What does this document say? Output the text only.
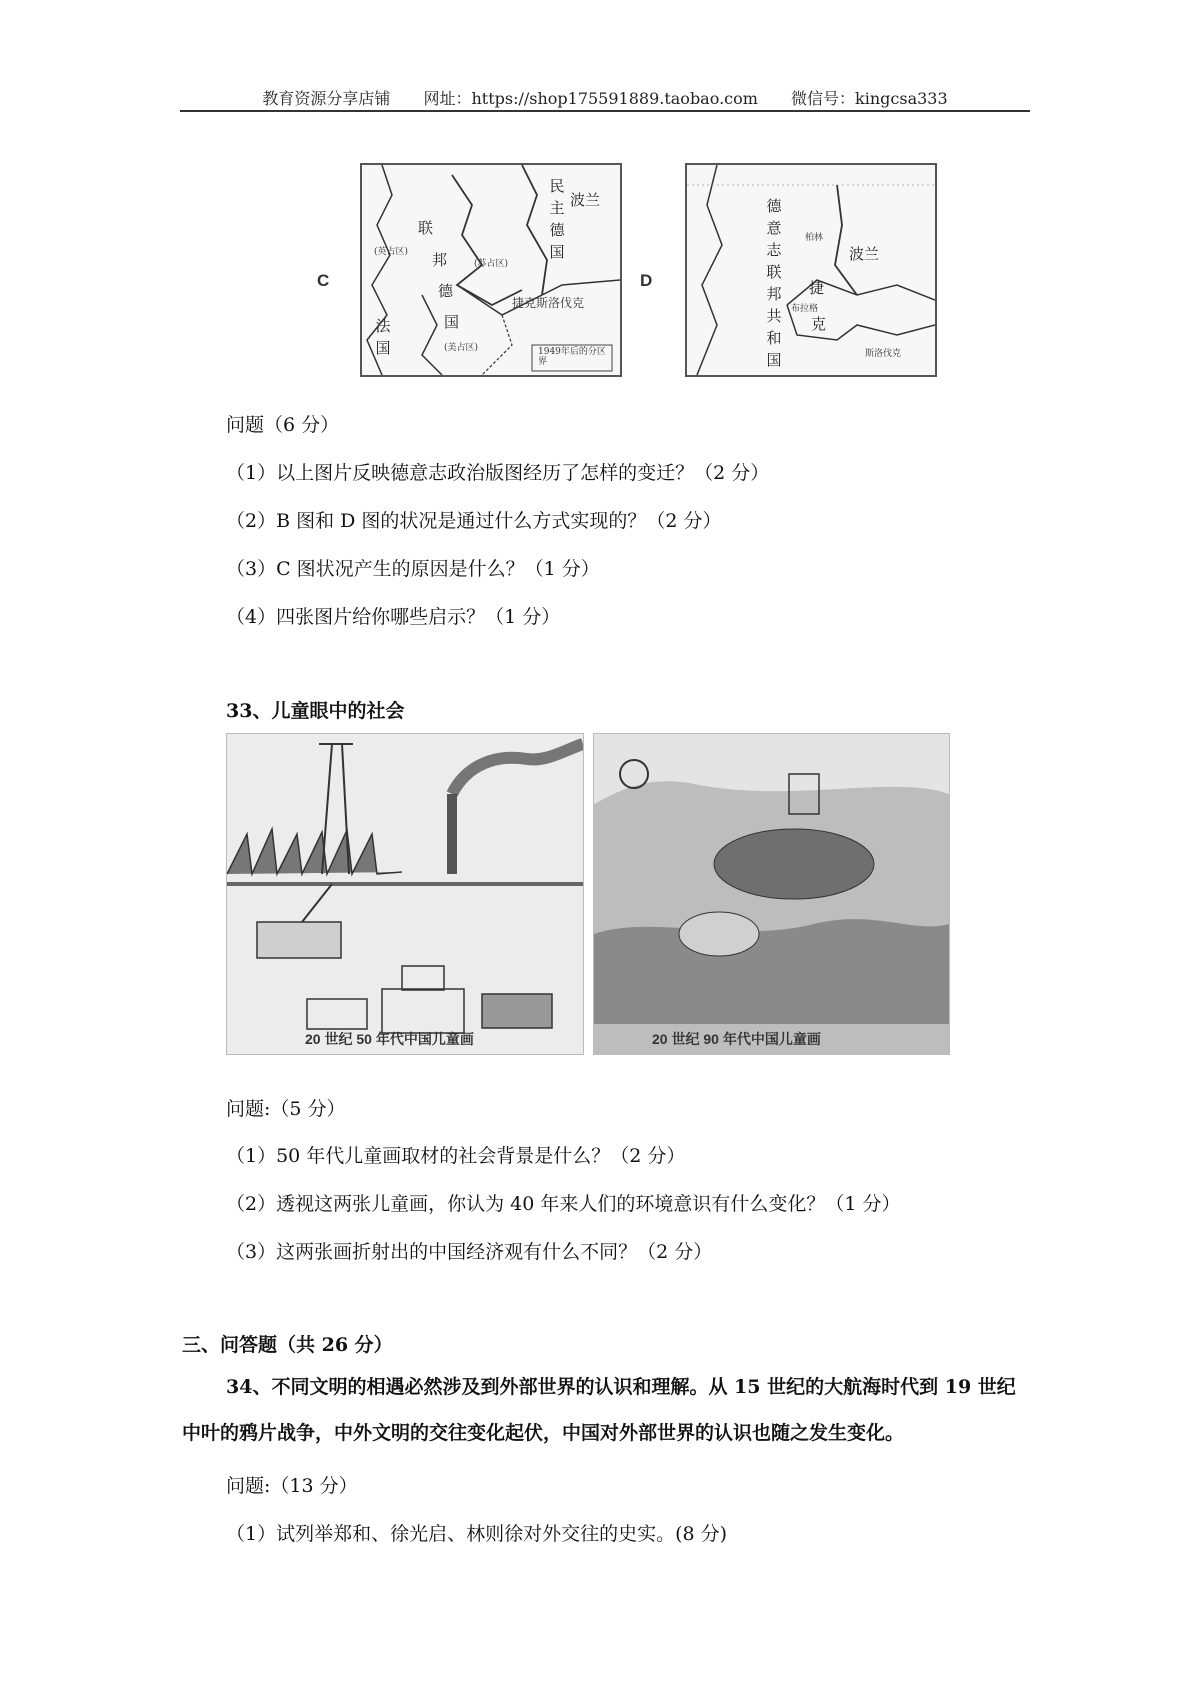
教育资源分享店铺 网址：https://shop175591889.taobao.com 微信号：kingcsa333
C
民主德国
联
邦
德
国
法国
波兰
捷克斯洛伐克
(英占区)
(苏占区)
(美占区)	1949年后的分区界
D
德意志联邦共和国
波兰
捷
克
斯洛伐克
柏林
布拉格
问题（6 分）
（1）以上图片反映德意志政治版图经历了怎样的变迁？（2 分）
（2）B 图和 D 图的状况是通过什么方式实现的？（2 分）
（3）C 图状况产生的原因是什么？（1 分）
（4）四张图片给你哪些启示？（1 分）
33、儿童眼中的社会
20 世纪 50 年代中国儿童画	20 世纪 90 年代中国儿童画
问题:（5 分）
（1）50 年代儿童画取材的社会背景是什么？（2 分）
（2）透视这两张儿童画，你认为 40 年来人们的环境意识有什么变化？（1 分）
（3）这两张画折射出的中国经济观有什么不同？（2 分）
三、问答题（共 26 分）
34、不同文明的相遇必然涉及到外部世界的认识和理解。从 15 世纪的大航海时代到 19 世纪中叶的鸦片战争，中外文明的交往变化起伏，中国对外部世界的认识也随之发生变化。
问题:（13 分）
（1）试列举郑和、徐光启、林则徐对外交往的史实。(8 分)
